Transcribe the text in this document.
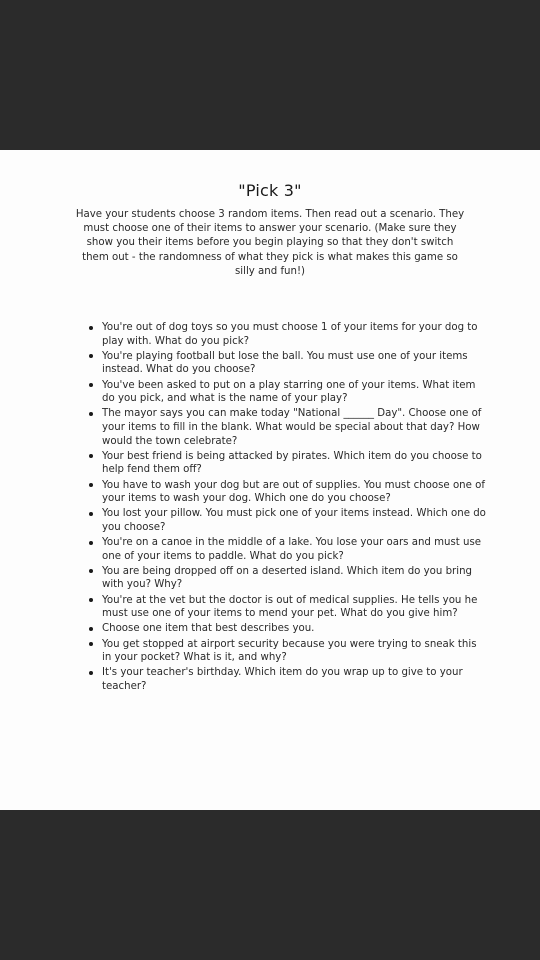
"Pick 3"

Have your students choose 3 random items. Then read out a scenario. They must choose one of their items to answer your scenario. (Make sure they show you their items before you begin playing so that they don't switch them out - the randomness of what they pick is what makes this game so silly and fun!)

You're out of dog toys so you must choose 1 of your items for your dog to play with. What do you pick?
You're playing football but lose the ball. You must use one of your items instead. What do you choose?
You've been asked to put on a play starring one of your items. What item do you pick, and what is the name of your play?
The mayor says you can make today "National ______ Day". Choose one of your items to fill in the blank. What would be special about that day? How would the town celebrate?
Your best friend is being attacked by pirates. Which item do you choose to help fend them off?
You have to wash your dog but are out of supplies. You must choose one of your items to wash your dog. Which one do you choose?
You lost your pillow. You must pick one of your items instead. Which one do you choose?
You're on a canoe in the middle of a lake. You lose your oars and must use one of your items to paddle. What do you pick?
You are being dropped off on a deserted island. Which item do you bring with you? Why?
You're at the vet but the doctor is out of medical supplies. He tells you he must use one of your items to mend your pet. What do you give him?
Choose one item that best describes you.
You get stopped at airport security because you were trying to sneak this in your pocket? What is it, and why?
It's your teacher's birthday. Which item do you wrap up to give to your teacher?
